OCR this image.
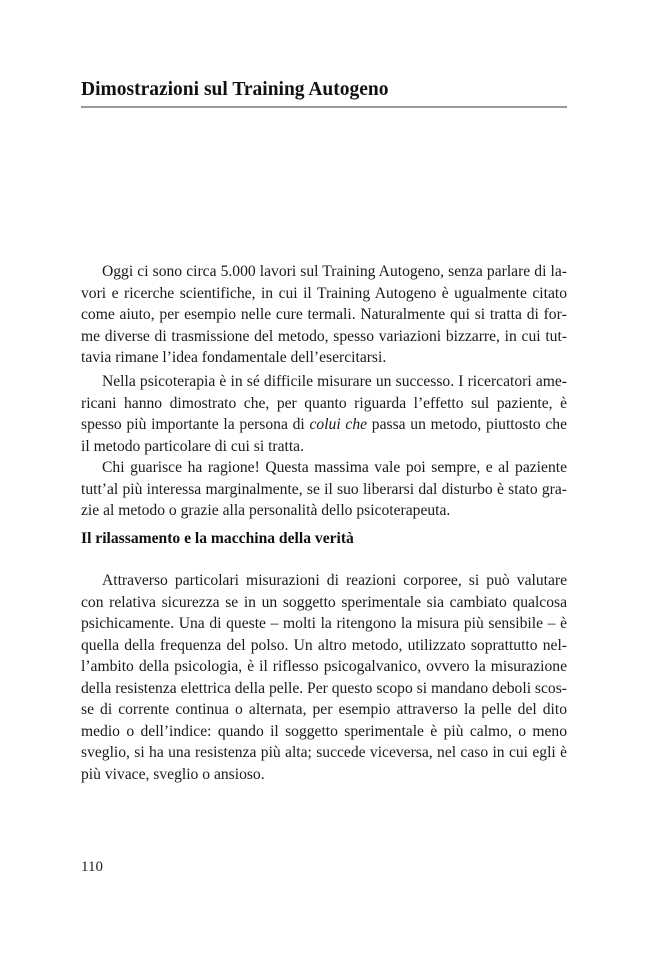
Dimostrazioni sul Training Autogeno

Oggi ci sono circa 5.000 lavori sul Training Autogeno, senza parlare di lavori e ricerche scientifiche, in cui il Training Autogeno è ugualmente citato come aiuto, per esempio nelle cure termali. Naturalmente qui si tratta di forme diverse di trasmissione del metodo, spesso variazioni bizzarre, in cui tuttavia rimane l’idea fondamentale dell’esercitarsi.

Nella psicoterapia è in sé difficile misurare un successo. I ricercatori americani hanno dimostrato che, per quanto riguarda l’effetto sul paziente, è spesso più importante la persona di colui che passa un metodo, piuttosto che il metodo particolare di cui si tratta.

Chi guarisce ha ragione! Questa massima vale poi sempre, e al paziente tutt’al più interessa marginalmente, se il suo liberarsi dal disturbo è stato grazie al metodo o grazie alla personalità dello psicoterapeuta.

Il rilassamento e la macchina della verità

Attraverso particolari misurazioni di reazioni corporee, si può valutare con relativa sicurezza se in un soggetto sperimentale sia cambiato qualcosa psichicamente. Una di queste – molti la ritengono la misura più sensibile – è quella della frequenza del polso. Un altro metodo, utilizzato soprattutto nell’ambito della psicologia, è il riflesso psicogalvanico, ovvero la misurazione della resistenza elettrica della pelle. Per questo scopo si mandano deboli scosse di corrente continua o alternata, per esempio attraverso la pelle del dito medio o dell’indice: quando il soggetto sperimentale è più calmo, o meno sveglio, si ha una resistenza più alta; succede viceversa, nel caso in cui egli è più vivace, sveglio o ansioso.

110
